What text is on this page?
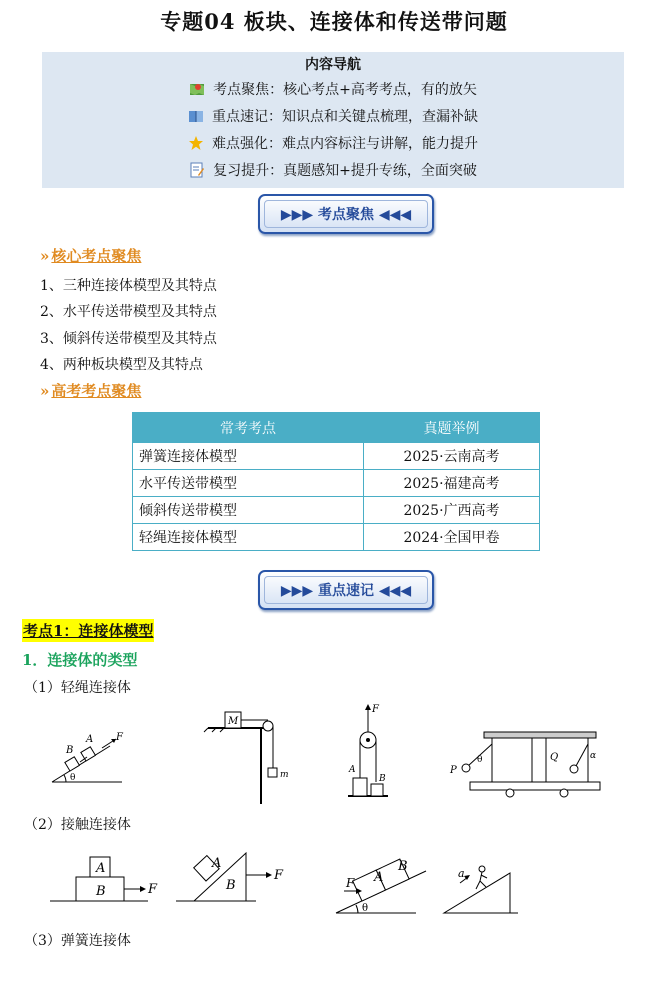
专题04 板块、连接体和传送带问题
内容导航
考点聚焦：核心考点+高考考点，有的放矢
重点速记：知识点和关键点梳理，查漏补缺
难点强化：难点内容标注与讲解，能力提升
复习提升：真题感知+提升专练，全面突破
▶▶▶ 考点聚焦 ◀◀◀
» 核心考点聚焦
1、三种连接体模型及其特点
2、水平传送带模型及其特点
3、倾斜传送带模型及其特点
4、两种板块模型及其特点
» 高考考点聚焦
常考考点	真题举例
弹簧连接体模型	2025·云南高考
水平传送带模型	2025·福建高考
倾斜传送带模型	2025·广西高考
轻绳连接体模型	2024·全国甲卷
▶▶▶ 重点速记 ◀◀◀
考点1：连接体模型
1．连接体的类型
（1）轻绳连接体
B
A F
θ
M
m
F
A
B
P
Q
θ	α
（2）接触连接体
A
B	F
A
B
F	A
B
F
θ
a
（3）弹簧连接体
